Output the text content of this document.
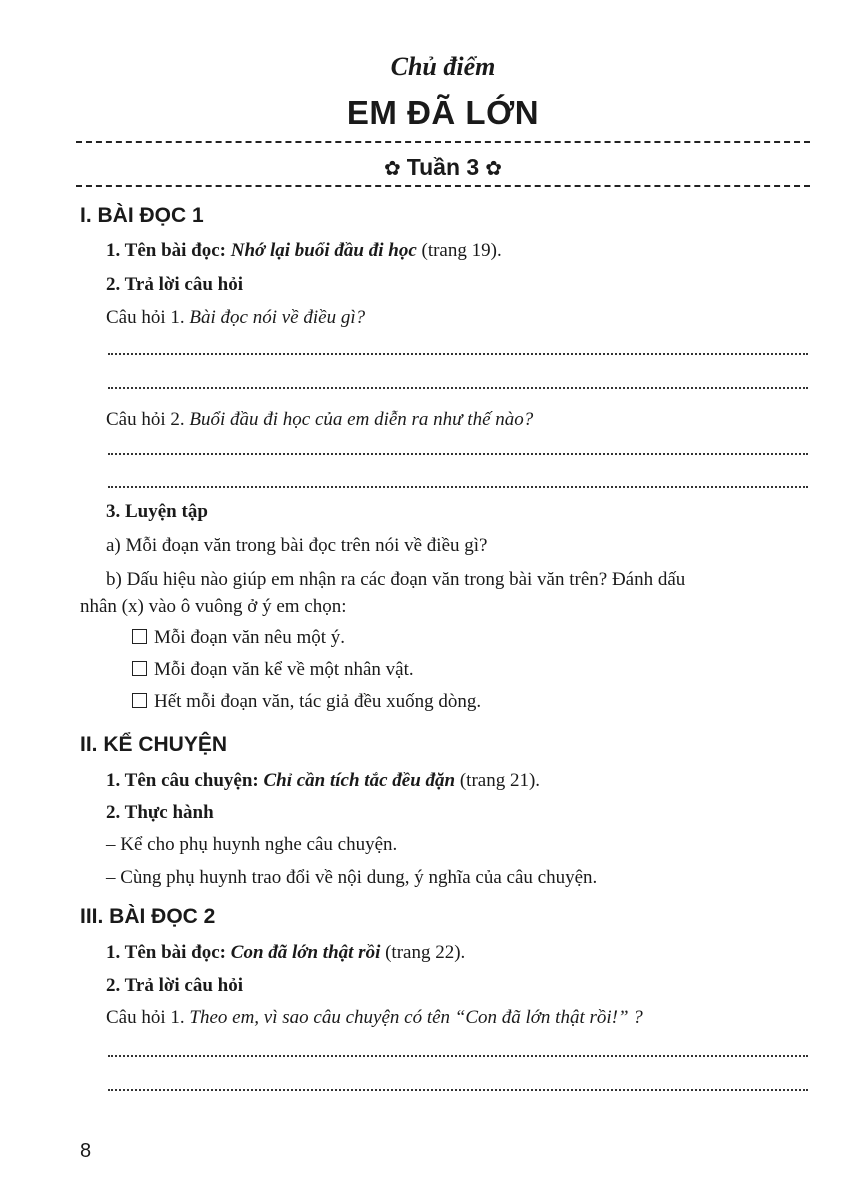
Chủ điểm
EM ĐÃ LỚN
✿ Tuần 3 ✿
I. BÀI ĐỌC 1
1. Tên bài đọc: Nhớ lại buổi đầu đi học (trang 19).
2. Trả lời câu hỏi
Câu hỏi 1. Bài đọc nói về điều gì?
Câu hỏi 2. Buổi đầu đi học của em diễn ra như thế nào?
3. Luyện tập
a) Mỗi đoạn văn trong bài đọc trên nói về điều gì?
b) Dấu hiệu nào giúp em nhận ra các đoạn văn trong bài văn trên? Đánh dấu
nhân (x) vào ô vuông ở ý em chọn:
Mỗi đoạn văn nêu một ý.
Mỗi đoạn văn kể về một nhân vật.
Hết mỗi đoạn văn, tác giả đều xuống dòng.
II. KỂ CHUYỆN
1. Tên câu chuyện: Chỉ cần tích tắc đều đặn (trang 21).
2. Thực hành
– Kể cho phụ huynh nghe câu chuyện.
– Cùng phụ huynh trao đổi về nội dung, ý nghĩa của câu chuyện.
III. BÀI ĐỌC 2
1. Tên bài đọc: Con đã lớn thật rồi (trang 22).
2. Trả lời câu hỏi
Câu hỏi 1. Theo em, vì sao câu chuyện có tên “Con đã lớn thật rồi!” ?
8
